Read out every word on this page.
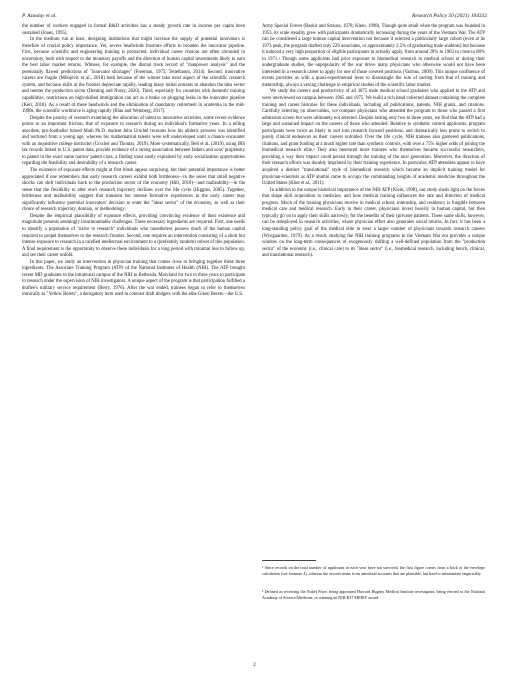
P. Azoulay et al.	Research Policy 50 (2021) 104332

the number of workers engaged in formal R&D activities has a steady growth rate in income per capita been sustained (Jones, 1995).

In the medium run at least, designing institutions that might increase the supply of potential innovators is therefore of crucial policy importance. Yet, severe headwinds frustrate efforts to broaden the innovator pipeline. First, because scientific and engineering training is protracted, individual career choices are often shrouded in uncertainty, both with respect to the monetary payoffs and the direction of human capital investments likely to earn the best labor market returns. Witness, for example, the dismal track record of "manpower analysis" and the perennially flawed predictions of "innovator shortages" (Freeman, 1975; Teitelbaum, 2014). Second, innovative careers are fragile (Milojevic et al., 2018) both because of the winner take most aspect of the scientific research system, and because skills at the frontier depreciate rapidly, leading many initial entrants to abandon the idea sector and reenter the production sector (Deming and Noray, 2020). Third, especially for countries with domestic training capabilities, restrictions on high-skilled immigration can act as a brake on plugging leaks in the innovator pipeline (Kerr, 2018). As a result of these headwinds and the elimination of mandatory retirement in academia in the mid-1990s, the scientific workforce is aging rapidly (Blau and Weinberg, 2017).

Despite the paucity of research examining the allocation of talent to innovative activities, some recent evidence points to an important friction, that of exposure to research during an individual's formative years. In a telling anecdote, pro-footballer turned Math Ph.D. student John Urschel recounts how his athletic prowess was identified and nurtured from a young age, whereas his mathematical talents were left undeveloped until a chance encounter with an inquisitive college instructor (Urschel and Thomas, 2019). More systematically, Bell et al. (2019), using IRS tax records linked to U.S. patent data, provide evidence of a strong association between fathers and sons' propensity to patent in the exact same narrow patent class, a finding most easily explained by early socialization opportunities regarding the feasibility and desirability of a research career.

The existence of exposure effects might at first blush appear surprising, but their potential importance is better appreciated if one remembers that early research careers exhibit both brittleness—in the sense that small negative shocks can shift individuals back to the production sector of the economy (Hill, 2018)—and malleability—in the sense that the flexibility to alter one's research trajectory declines over the life cycle (Higgins, 2005). Together, brittleness and malleability suggest that transient but intense formative experiences in the early career may significantly influence potential innovators' decision to enter the "ideas sector" of the economy, as well as their choice of research trajectory, domain, or methodology.

Despite the empirical plausibility of exposure effects, providing convincing evidence of their existence and magnitude presents seemingly insurmountable challenges. Three necessary ingredients are required. First, one needs to identify a population of "naive to research" individuals who nonetheless possess much of the human capital required to propel themselves to the research frontier. Second, one requires an intervention consisting of a short but intense exposure to research in a rarefied intellectual environment to a (preferably random) subset of this population. A final requirement is the opportunity to observe these individuals for a long period with minimal loss to follow up, and see their career unfold.

In this paper, we study an intervention in physician training that comes close to bringing together these three ingredients: The Associate Training Program (ATP) of the National Institutes of Health (NIH). The ATP brought recent MD graduates to the intramural campus of the NIH in Bethesda, Maryland for two to three years to participate in research under the supervision of NIH investigators. A unique aspect of the program is that participation fulfilled a draftee's military service requirement (Berry, 1976). After the war ended, trainees began to refer to themselves ironically as "Yellow Berets", a derogatory term used to contrast draft dodgers with the elite Green Berets—the U.S.

Army Special Forces (Baskir and Strauss, 1978; Klein, 1998). Though quite small when the program was founded in 1953, its scale steadily grew with participants dramatically increasing during the years of the Vietnam War. The ATP can be considered a large human capital intervention not because it selected a particularly large cohort (even at its 1973 peak, the program drafted only 229 associates, or approximately 2.5% of graduating male students) but because it induced a very high proportion of eligible participants to actually apply, from around 20% in 1963 to close to 80% in 1971.¹ Though some applicants had prior exposure to biomedical research in medical school or during their undergraduate studies, the unpopularity of the war drove many physicians who otherwise would not have been interested in a research career to apply for one of those coveted positions (Varmus, 2009). This unique confluence of events provides us with a quasi-experimental lever to disentangle the role of sorting from that of training and mentorship, always a vexing challenge in empirical studies of the scientific labor market.

We study the careers and productivity of all 3075 male medical school graduates who applied to the ATP and were interviewed on campus between 1965 and 1975. We build a rich hand collected dataset containing the complete training and career histories for these individuals, including all publications, patents, NIH grants, and citations. Carefully selecting on observables, we compare physicians who attended the program to those who passed a first admission screen but were ultimately not selected. Despite lasting only two to three years, we find that the ATP had a large and sustained impact on the careers of those who attended. Relative to synthetic control applicants, program participants were twice as likely to sort into research focused positions, and dramatically less prone to switch to purely clinical endeavors as their careers unfolded. Over the life cycle, NIH trainees also garnered publications, citations, and grant funding at a much higher rate than synthetic controls, with over a 75% higher odds of joining the biomedical research elite.² They also mentored more trainees who themselves became successful researchers, providing a way their impact could persist through the training of the next generation. Moreover, the direction of their research efforts was durably imprinted by their training experience. In particular, ATP attendees appear to have acquired a distinct "translational" style of biomedical research which became an implicit training model for physician-scientists as ATP alumni came to occupy the commanding heights of academic medicine throughout the United States (Khot et al., 2011).

In addition to the unique historical importance of the NIH ATP (Klein, 1998), our study sheds light on the forces that shape skill acquisition in medicine, and how medical training influences the rate and direction of medical progress. Much of the training physicians receive in medical school, internship, and residency is fungible between medical care and medical research. Early in their career, physicians invest heavily in human capital, but then typically go on to apply their skills narrowly, for the benefits of their (private) patients. These same skills, however, can be redeployed in research activities, where physician effort also generates social returns. In fact, it has been a long-standing policy goal of the medical elite to steer a larger number of physicians towards research careers (Wyngaarden, 1979). As a result, studying the NIH training programs in the Vietnam War era provides a unique window on the long-term consequences of exogenously shifting a well-defined population from the "production sector" of the economy (i.e., clinical care) to its "ideas sector" (i.e., biomedical research, including bench, clinical, and translational research).

¹ Since records on the total number of applicants in each year have not survived, the first figure comes from a back of the envelope calculation (see footnote 4), whereas the second stems from anecdotal accounts that are plausible, but hard to substantiate empirically.
² Defined as receiving the Nobel Prize, being appointed Howard Hughes Medical Institute investigator, being elected to the National Academy of Science/Medicine, or winning an NIH R37 MERIT award.
2
